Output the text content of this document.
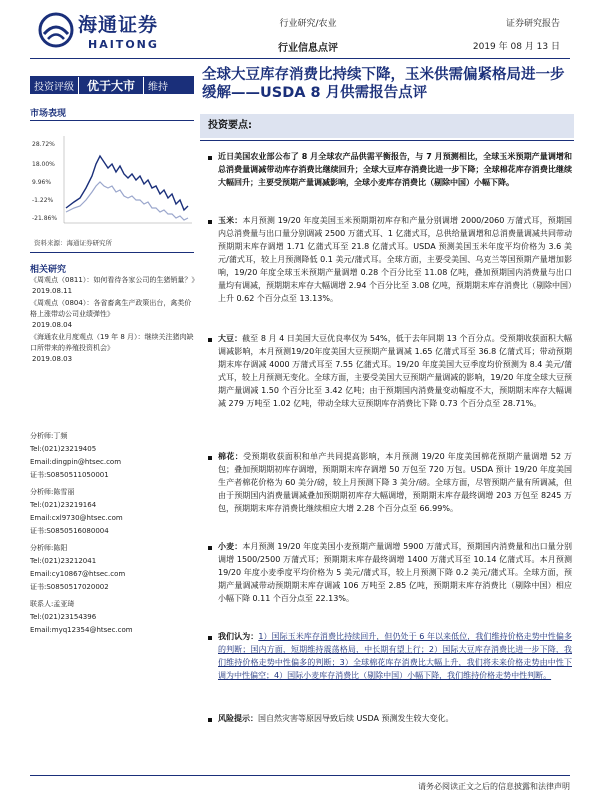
海通证券
HAITONG
行业研究/农业
行业信息点评
证券研究报告
2019 年 08 月 13 日
投资评级	优于大市	维持
全球大豆库存消费比持续下降，玉米供需偏紧格局进一步缓解——USDA 8 月供需报告点评
市场表现
28.72%
18.00%
9.96%
-1.22%
-21.86%
资料来源：海通证券研究所
相关研究
《周观点（0811）：如何看待各家公司的生猪销量？》
2019.08.11
《周观点（0804）：各省畜禽生产政策出台，禽类价格上涨带动公司业绩弹性》
2019.08.04
《海通农业月度观点（19 年 8 月）：继续关注猪肉缺口所带来的养殖投资机会》
2019.08.03
分析师:丁频
Tel:(021)23219405
Email:dingpin@htsec.com
证书:S0850511050001
分析师:陈雪丽
Tel:(021)23219164
Email:cxl9730@htsec.com
证书:S0850516080004
分析师:陈阳
Tel:(021)23212041
Email:cy10867@htsec.com
证书:S0850517020002
联系人:孟亚琦
Tel:(021)23154396
Email:myq12354@htsec.com
投资要点:

近日美国农业部公布了 8 月全球农产品供需平衡报告，与 7 月预测相比，全球玉米预期产量调增和总消费量调减带动库存消费比继续回升；全球大豆库存消费比进一步下降；全球棉花库存消费比继续大幅回升；主要受预期产量调减影响，全球小麦库存消费比（剔除中国）小幅下降。

玉米：本月预测 19/20 年度美国玉米预期期初库存和产量分别调增 2000/2060 万蒲式耳，预期国内总消费量与出口量分别调减 2500 万蒲式耳、1 亿蒲式耳，总供给量调增和总消费量调减共同带动预期期末库存调增 1.71 亿蒲式耳至 21.8 亿蒲式耳。USDA 预测美国玉米年度平均价格为 3.6 美元/蒲式耳，较上月预测降低 0.1 美元/蒲式耳。全球方面，主要受美国、乌克兰等国预期产量增加影响，19/20 年度全球玉米预期产量调增 0.28 个百分比至 11.08 亿吨，叠加预期国内消费量与出口量均有调减，预期期末库存大幅调增 2.94 个百分比至 3.08 亿吨，预期期末库存消费比（剔除中国）上升 0.62 个百分点至 13.13%。

大豆：截至 8 月 4 日美国大豆优良率仅为 54%，低于去年同期 13 个百分点。受预期收获面积大幅调减影响，本月预测19/20年度美国大豆预期产量调减 1.65 亿蒲式耳至 36.8 亿蒲式耳；带动预期期末库存调减 4000 万蒲式耳至 7.55 亿蒲式耳。19/20 年度美国大豆季度均价预测为 8.4 美元/蒲式耳，较上月预测无变化。全球方面，主要受美国大豆预期产量调减的影响，19/20 年度全球大豆预期产量调减 1.50 个百分比至 3.42 亿吨；由于预期国内消费量变动幅度不大，预期期末库存大幅调减 279 万吨至 1.02 亿吨，带动全球大豆预期库存消费比下降 0.73 个百分点至 28.71%。

棉花：受预期收获面积和单产共同提高影响，本月预测 19/20 年度美国棉花预期产量调增 52 万包；叠加预期期初库存调增，预期期末库存调增 50 万包至 720 万包。USDA 预计 19/20 年度美国生产者棉花价格为 60 美分/磅，较上月预测下降 3 美分/磅。全球方面，尽管预期产量有所调减，但由于预期国内消费量调减叠加预期期初库存大幅调增，预期期末库存最终调增 203 万包至 8245 万包，预期期末库存消费比继续相应大增 2.28 个百分点至 66.99%。

小麦：本月预测 19/20 年度美国小麦预期产量调增 5900 万蒲式耳，预期国内消费量和出口量分别调增 1500/2500 万蒲式耳；预期期末库存最终调增 1400 万蒲式耳至 10.14 亿蒲式耳。本月预测 19/20 年度小麦季度平均价格为 5 美元/蒲式耳，较上月预测下降 0.2 美元/蒲式耳。全球方面，预期产量调减带动预期期末库存调减 106 万吨至 2.85 亿吨，预期期末库存消费比（剔除中国）相应小幅下降 0.11 个百分点至 22.13%。

我们认为：1）国际玉米库存消费比持续回升，但仍处于 6 年以来低位，我们维持价格走势中性偏多的判断；国内方面，短期维持震荡格局，中长期有望上行；2）国际大豆库存消费比进一步下降，我们维持价格走势中性偏多的判断；3）全球棉花库存消费比大幅上升，我们将未来价格走势由中性下调为中性偏空；4）国际小麦库存消费比（剔除中国）小幅下降，我们维持价格走势中性判断。

风险提示：国自然灾害等原因导致后续 USDA 预测发生较大变化。

请务必阅读正文之后的信息披露和法律声明
